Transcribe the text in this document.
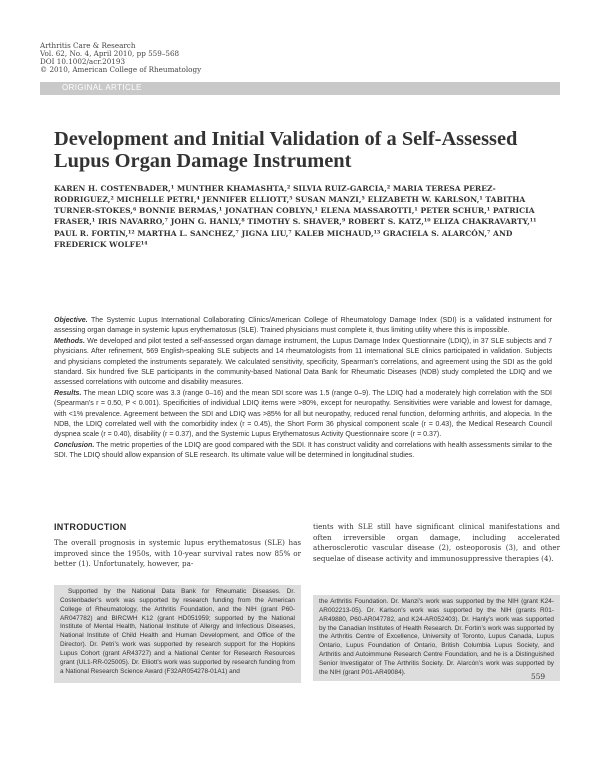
Arthritis Care & Research
Vol. 62, No. 4, April 2010, pp 559–568
DOI 10.1002/acr.20193
© 2010, American College of Rheumatology
ORIGINAL ARTICLE
Development and Initial Validation of a Self-Assessed Lupus Organ Damage Instrument
KAREN H. COSTENBADER,¹ MUNTHER KHAMASHTA,² SILVIA RUIZ-GARCIA,² MARIA TERESA PEREZ-RODRIGUEZ,² MICHELLE PETRI,⁴ JENNIFER ELLIOTT,⁵ SUSAN MANZI,⁵ ELIZABETH W. KARLSON,¹ TABITHA TURNER-STOKES,⁶ BONNIE BERMAS,¹ JONATHAN COBLYN,¹ ELENA MASSAROTTI,¹ PETER SCHUR,¹ PATRICIA FRASER,¹ IRIS NAVARRO,⁷ JOHN G. HANLY,⁸ TIMOTHY S. SHAVER,⁹ ROBERT S. KATZ,¹⁰ ELIZA CHAKRAVARTY,¹¹ PAUL R. FORTIN,¹² MARTHA L. SANCHEZ,⁷ JIGNA LIU,⁷ KALEB MICHAUD,¹³ GRACIELA S. ALARCÓN,⁷ AND FREDERICK WOLFE¹⁴

Objective. The Systemic Lupus International Collaborating Clinics/American College of Rheumatology Damage Index (SDI) is a validated instrument for assessing organ damage in systemic lupus erythematosus (SLE). Trained physicians must complete it, thus limiting utility where this is impossible.

Methods. We developed and pilot tested a self-assessed organ damage instrument, the Lupus Damage Index Questionnaire (LDIQ), in 37 SLE subjects and 7 physicians. After refinement, 569 English-speaking SLE subjects and 14 rheumatologists from 11 international SLE clinics participated in validation. Subjects and physicians completed the instruments separately. We calculated sensitivity, specificity, Spearman’s correlations, and agreement using the SDI as the gold standard. Six hundred five SLE participants in the community-based National Data Bank for Rheumatic Diseases (NDB) study completed the LDIQ and we assessed correlations with outcome and disability measures.

Results. The mean LDIQ score was 3.3 (range 0–16) and the mean SDI score was 1.5 (range 0–9). The LDIQ had a moderately high correlation with the SDI (Spearman’s r = 0.50, P < 0.001). Specificities of individual LDIQ items were >80%, except for neuropathy. Sensitivities were variable and lowest for damage, with <1% prevalence. Agreement between the SDI and LDIQ was >85% for all but neuropathy, reduced renal function, deforming arthritis, and alopecia. In the NDB, the LDIQ correlated well with the comorbidity index (r = 0.45), the Short Form 36 physical component scale (r = 0.43), the Medical Research Council dyspnea scale (r = 0.40), disability (r = 0.37), and the Systemic Lupus Erythematosus Activity Questionnaire score (r = 0.37).

Conclusion. The metric properties of the LDIQ are good compared with the SDI. It has construct validity and correlations with health assessments similar to the SDI. The LDIQ should allow expansion of SLE research. Its ultimate value will be determined in longitudinal studies.

INTRODUCTION

The overall prognosis in systemic lupus erythematosus (SLE) has improved since the 1950s, with 10-year survival rates now 85% or better (1). Unfortunately, however, pa-

tients with SLE still have significant clinical manifestations and often irreversible organ damage, including accelerated atherosclerotic vascular disease (2), osteoporosis (3), and other sequelae of disease activity and immunosuppressive therapies (4).

Supported by the National Data Bank for Rheumatic Diseases. Dr. Costenbader’s work was supported by research funding from the American College of Rheumatology, the Arthritis Foundation, and the NIH (grant P60-AR047782) and BIRCWH K12 (grant HD051959; supported by the National Institute of Mental Health, National Institute of Allergy and Infectious Diseases, National Institute of Child Health and Human Development, and Office of the Director). Dr. Petri’s work was supported by research support for the Hopkins Lupus Cohort (grant AR43727) and a National Center for Research Resources grant (UL1-RR-025005). Dr. Elliott’s work was supported by research funding from a National Research Science Award (F32AR054278-01A1) and

the Arthritis Foundation. Dr. Manzi’s work was supported by the NIH (grant K24-AR002213-05). Dr. Karlson’s work was supported by the NIH (grants R01-AR49880, P60-AR047782, and K24-AR052403). Dr. Hanly’s work was supported by the Canadian Institutes of Health Research. Dr. Fortin’s work was supported by the Arthritis Centre of Excellence, University of Toronto, Lupus Canada, Lupus Ontario, Lupus Foundation of Ontario, British Columbia Lupus Society, and Arthritis and Autoimmune Research Centre Foundation, and he is a Distinguished Senior Investigator of The Arthritis Society. Dr. Alarcón’s work was supported by the NIH (grant P01-AR49084).	559
